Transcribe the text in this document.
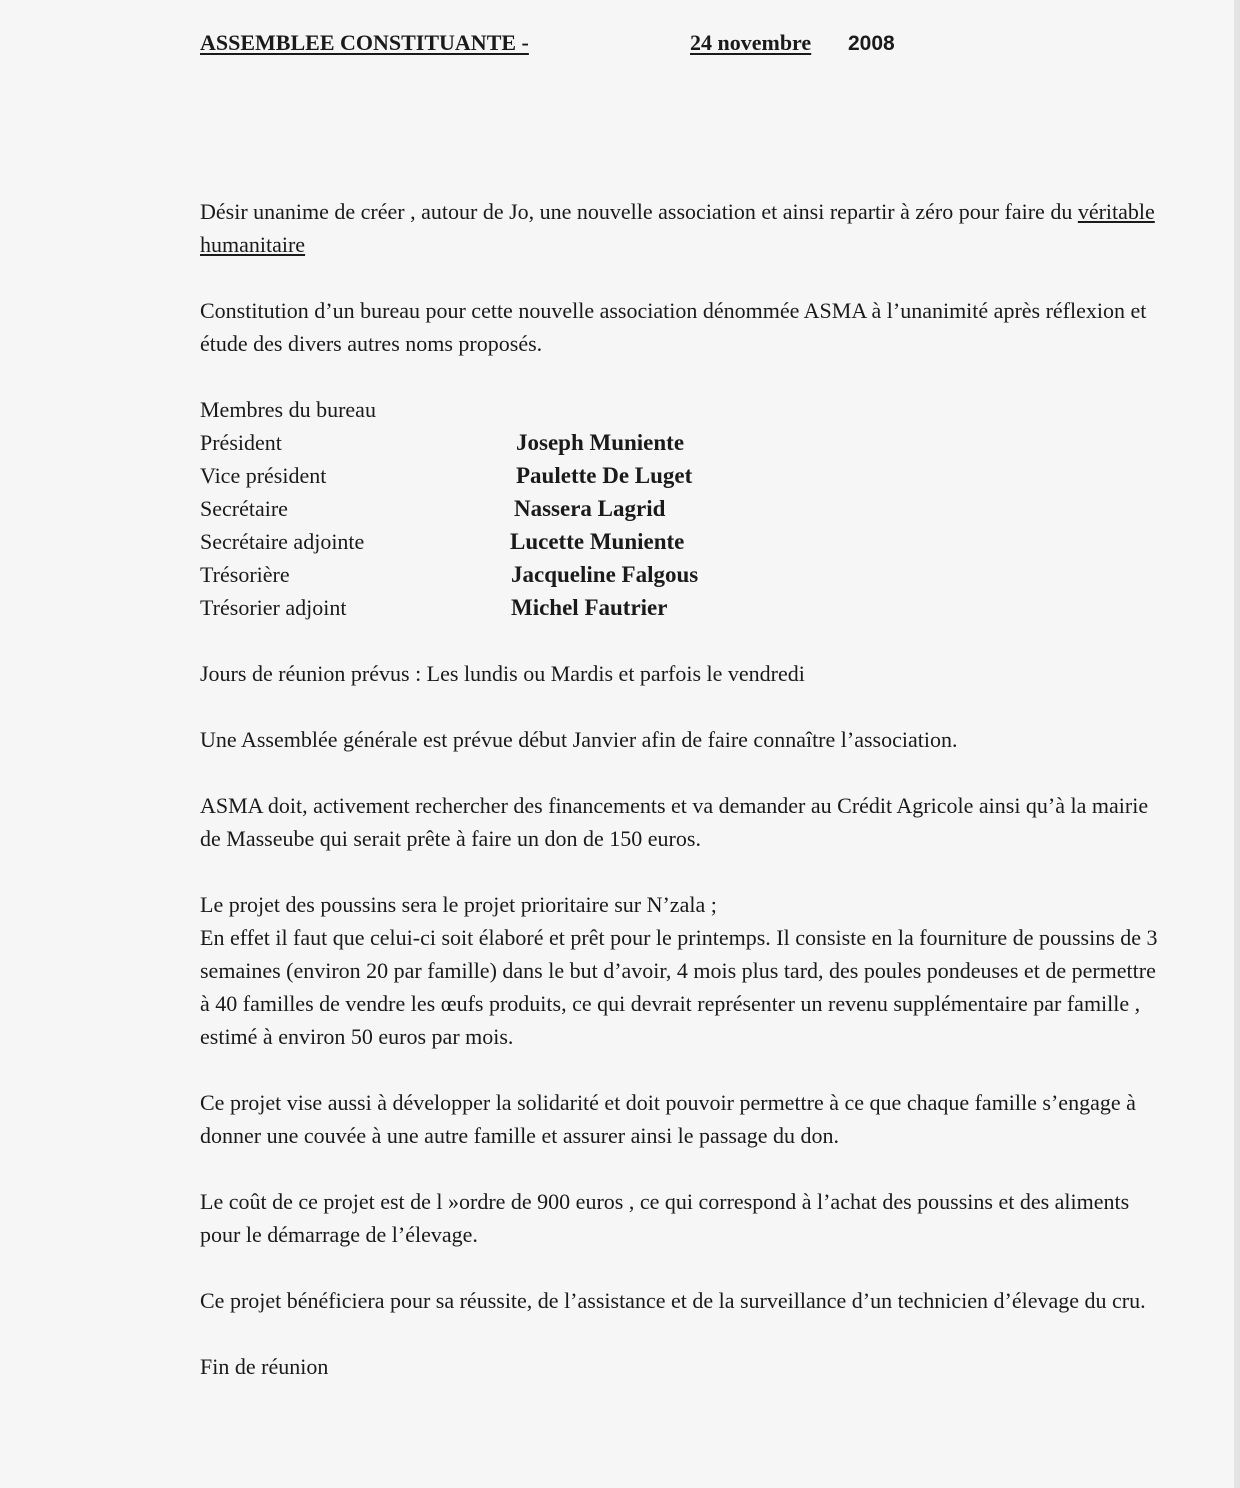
ASSEMBLEE CONSTITUANTE -	24 novembre 2008

Désir unanime de créer , autour de Jo, une nouvelle association et ainsi repartir à zéro pour faire du véritable humanitaire

Constitution d’un bureau pour cette nouvelle association dénommée ASMA à l’unanimité après réflexion et étude des divers autres noms proposés.

Membres du bureau
Président	Joseph Muniente
Vice président	Paulette De Luget
Secrétaire	Nassera Lagrid
Secrétaire adjointe	Lucette Muniente
Trésorière	Jacqueline Falgous
Trésorier adjoint	Michel Fautrier

Jours de réunion prévus : Les lundis ou Mardis et parfois le vendredi

Une Assemblée générale est prévue début Janvier afin de faire connaître l’association.

ASMA doit, activement rechercher des financements et va demander au Crédit Agricole ainsi qu’à la mairie de Masseube qui serait prête à faire un don de 150 euros.

Le projet des poussins sera le projet prioritaire sur N’zala ;
En effet il faut que celui-ci soit élaboré et prêt pour le printemps. Il consiste en la fourniture de poussins de 3 semaines (environ 20 par famille) dans le but d’avoir, 4 mois plus tard, des poules pondeuses et de permettre à 40 familles de vendre les œufs produits, ce qui devrait représenter un revenu supplémentaire par famille , estimé à environ 50 euros par mois.

Ce projet vise aussi à développer la solidarité et doit pouvoir permettre à ce que chaque famille s’engage à donner une couvée à une autre famille et assurer ainsi le passage du don.

Le coût de ce projet est de l »ordre de 900 euros , ce qui correspond à l’achat des poussins et des aliments pour le démarrage de l’élevage.

Ce projet bénéficiera pour sa réussite, de l’assistance et de la surveillance d’un technicien d’élevage du cru.

Fin de réunion
